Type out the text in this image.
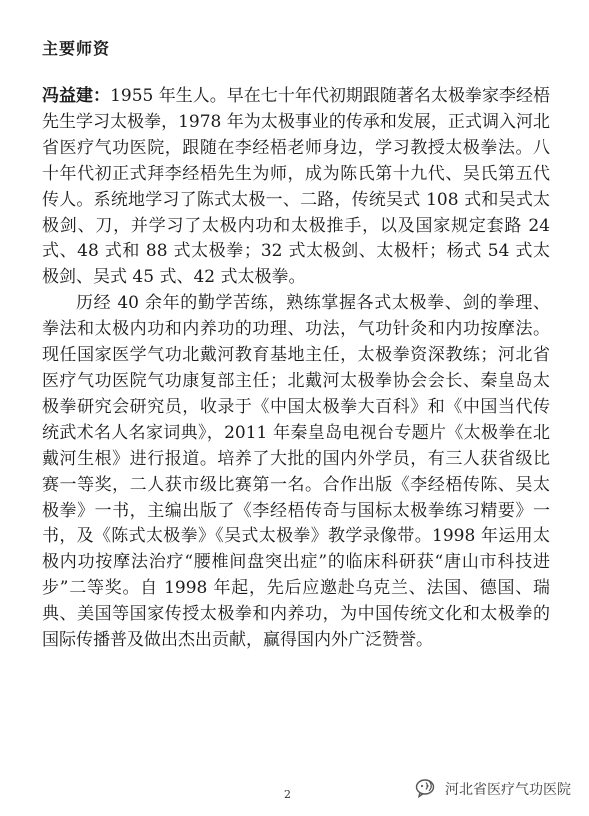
主要师资

冯益建：1955 年生人。早在七十年代初期跟随著名太极拳家李经梧先生学习太极拳，1978 年为太极事业的传承和发展，正式调入河北省医疗气功医院，跟随在李经梧老师身边，学习教授太极拳法。八十年代初正式拜李经梧先生为师，成为陈氏第十九代、吴氏第五代传人。系统地学习了陈式太极一、二路，传统吴式 108 式和吴式太极剑、刀，并学习了太极内功和太极推手，以及国家规定套路 24 式、48 式和 88 式太极拳；32 式太极剑、太极杆；杨式 54 式太极剑、吴式 45 式、42 式太极拳。

历经 40 余年的勤学苦练，熟练掌握各式太极拳、剑的拳理、拳法和太极内功和内养功的功理、功法，气功针灸和内功按摩法。现任国家医学气功北戴河教育基地主任，太极拳资深教练；河北省医疗气功医院气功康复部主任；北戴河太极拳协会会长、秦皇岛太极拳研究会研究员，收录于《中国太极拳大百科》和《中国当代传统武术名人名家词典》，2011 年秦皇岛电视台专题片《太极拳在北戴河生根》进行报道。培养了大批的国内外学员，有三人获省级比赛一等奖，二人获市级比赛第一名。合作出版《李经梧传陈、吴太极拳》一书，主编出版了《李经梧传奇与国标太极拳练习精要》一书，及《陈式太极拳》《吴式太极拳》教学录像带。1998 年运用太极内功按摩法治疗“腰椎间盘突出症”的临床科研获“唐山市科技进步”二等奖。自 1998 年起，先后应邀赴乌克兰、法国、德国、瑞典、美国等国家传授太极拳和内养功，为中国传统文化和太极拳的国际传播普及做出杰出贡献，赢得国内外广泛赞誉。

2	河北省医疗气功医院
